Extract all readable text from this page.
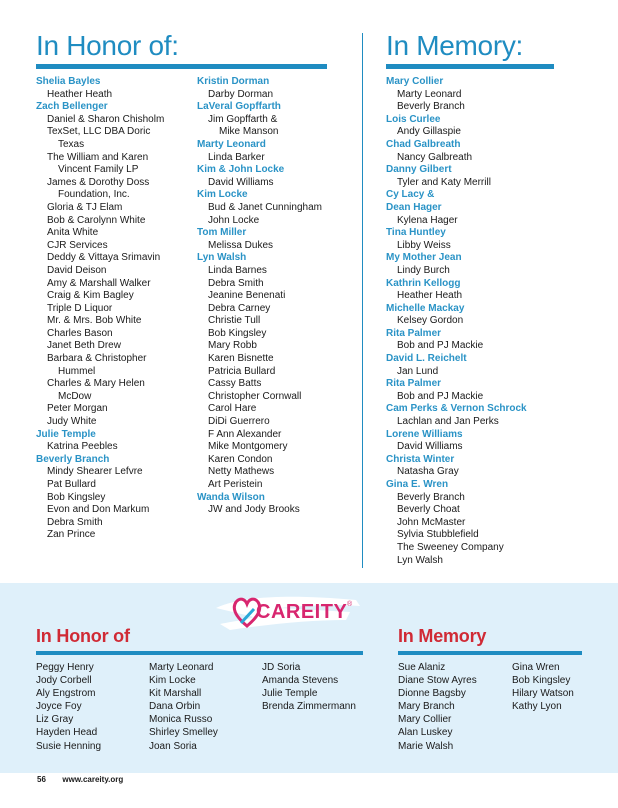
In Honor of:	In Memory:
Shelia Bayles
Heather Heath
Zach Bellenger
Daniel & Sharon Chisholm
TexSet, LLC DBA Doric
Texas
The William and Karen
Vincent Family LP
James & Dorothy Doss
Foundation, Inc.
Gloria & TJ Elam
Bob & Carolynn White
Anita White
CJR Services
Deddy & Vittaya Srimavin
David Deison
Amy & Marshall Walker
Craig & Kim Bagley
Triple D Liquor
Mr. & Mrs. Bob White
Charles Bason
Janet Beth Drew
Barbara & Christopher
Hummel
Charles & Mary Helen
McDow
Peter Morgan
Judy White
Julie Temple
Katrina Peebles
Beverly Branch
Mindy Shearer Lefvre
Pat Bullard
Bob Kingsley
Evon and Don Markum
Debra Smith
Zan Prince
Kristin Dorman
Darby Dorman
LaVeral Gopffarth
Jim Gopffarth &
Mike Manson
Marty Leonard
Linda Barker
Kim & John Locke
David Williams
Kim Locke
Bud & Janet Cunningham
John Locke
Tom Miller
Melissa Dukes
Lyn Walsh
Linda Barnes
Debra Smith
Jeanine Benenati
Debra Carney
Christie Tull
Bob Kingsley
Mary Robb
Karen Bisnette
Patricia Bullard
Cassy Batts
Christopher Cornwall
Carol Hare
DiDi Guerrero
F Ann Alexander
Mike Montgomery
Karen Condon
Netty Mathews
Art Peristein
Wanda Wilson
JW and Jody Brooks
Mary Collier
Marty Leonard
Beverly Branch
Lois Curlee
Andy Gillaspie
Chad Galbreath
Nancy Galbreath
Danny Gilbert
Tyler and Katy Merrill
Cy Lacy &
Dean Hager
Kylena Hager
Tina Huntley
Libby Weiss
My Mother Jean
Lindy Burch
Kathrin Kellogg
Heather Heath
Michelle Mackay
Kelsey Gordon
Rita Palmer
Bob and PJ Mackie
David L. Reichelt
Jan Lund
Rita Palmer
Bob and PJ Mackie
Cam Perks & Vernon Schrock
Lachlan and Jan Perks
Lorene Williams
David Williams
Christa Winter
Natasha Gray
Gina E. Wren
Beverly Branch
Beverly Choat
John McMaster
Sylvia Stubblefield
The Sweeney Company
Lyn Walsh
CAREITY ®
In Honor of	In Memory
Peggy Henry
Jody Corbell
Aly Engstrom
Joyce Foy
Liz Gray
Hayden Head
Susie Henning
Marty Leonard
Kim Locke
Kit Marshall
Dana Orbin
Monica Russo
Shirley Smelley
Joan Soria
JD Soria
Amanda Stevens
Julie Temple
Brenda Zimmermann
Sue Alaniz
Diane Stow Ayres
Dionne Bagsby
Mary Branch
Mary Collier
Alan Luskey
Marie Walsh
Gina Wren
Bob Kingsley
Hilary Watson
Kathy Lyon
56 www.careity.org
